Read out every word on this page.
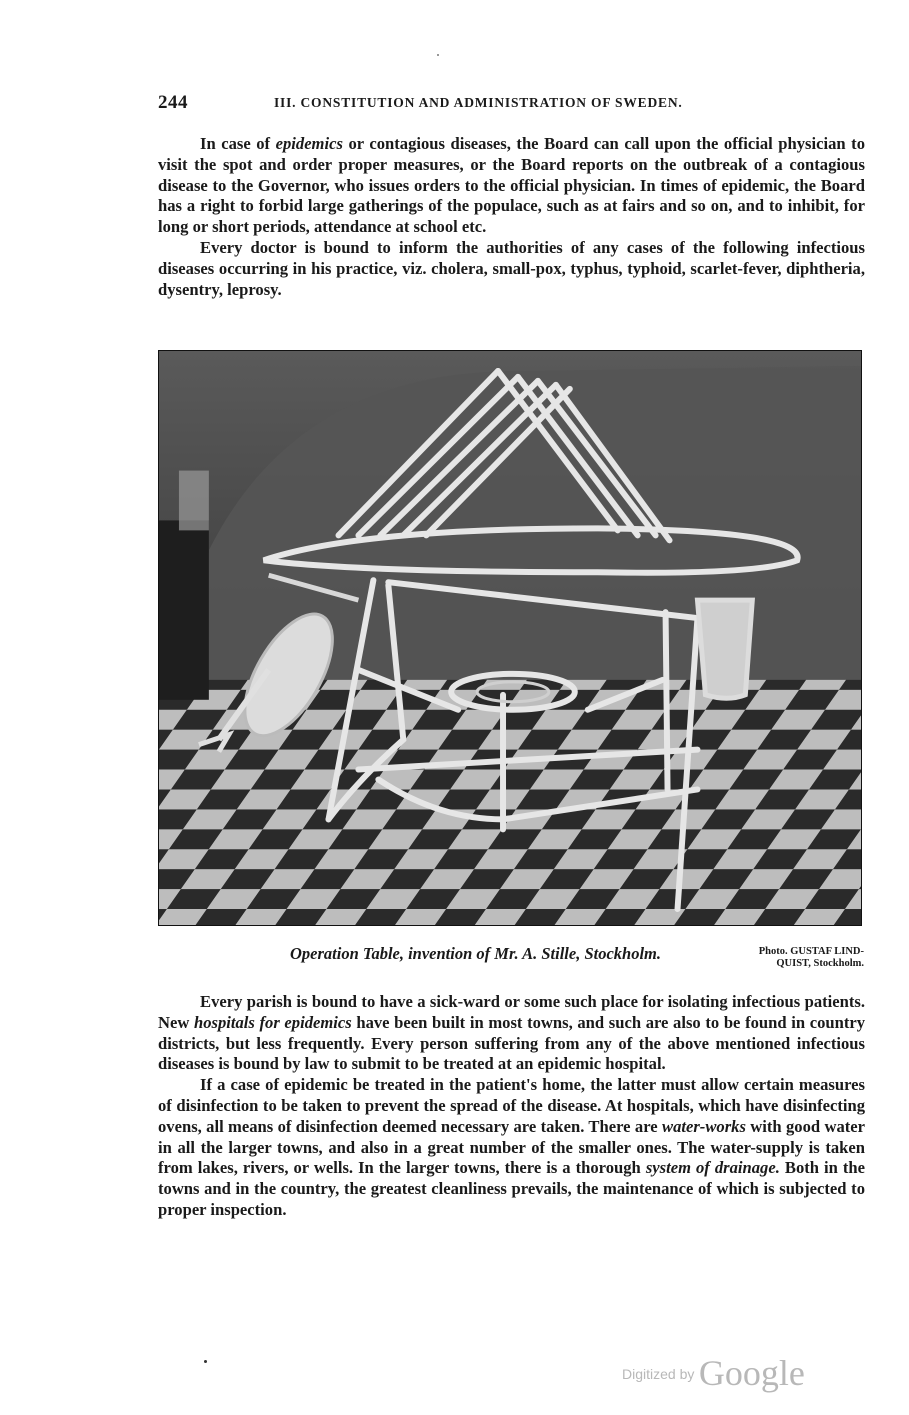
244	III. CONSTITUTION AND ADMINISTRATION OF SWEDEN.

In case of epidemics or contagious diseases, the Board can call upon the official physician to visit the spot and order proper measures, or the Board reports on the outbreak of a contagious disease to the Governor, who issues orders to the official physician. In times of epidemic, the Board has a right to forbid large gatherings of the populace, such as at fairs and so on, and to inhibit, for long or short periods, attendance at school etc.

Every doctor is bound to inform the authorities of any cases of the following infectious diseases occurring in his practice, viz. cholera, small-pox, typhus, typhoid, scarlet-fever, diphtheria, dysentry, leprosy.

Operation Table, invention of Mr. A. Stille, Stockholm.	Photo. GUSTAF LIND-
QUIST, Stockholm.

Every parish is bound to have a sick-ward or some such place for isolating infectious patients. New hospitals for epidemics have been built in most towns, and such are also to be found in country districts, but less frequently. Every person suffering from any of the above mentioned infectious diseases is bound by law to submit to be treated at an epidemic hospital.

If a case of epidemic be treated in the patient's home, the latter must allow certain measures of disinfection to be taken to prevent the spread of the disease. At hospitals, which have disinfecting ovens, all means of disinfection deemed necessary are taken. There are water-works with good water in all the larger towns, and also in a great number of the smaller ones. The water-supply is taken from lakes, rivers, or wells. In the larger towns, there is a thorough system of drainage. Both in the towns and in the country, the greatest cleanliness prevails, the maintenance of which is subjected to proper inspection.

Digitized by Google
